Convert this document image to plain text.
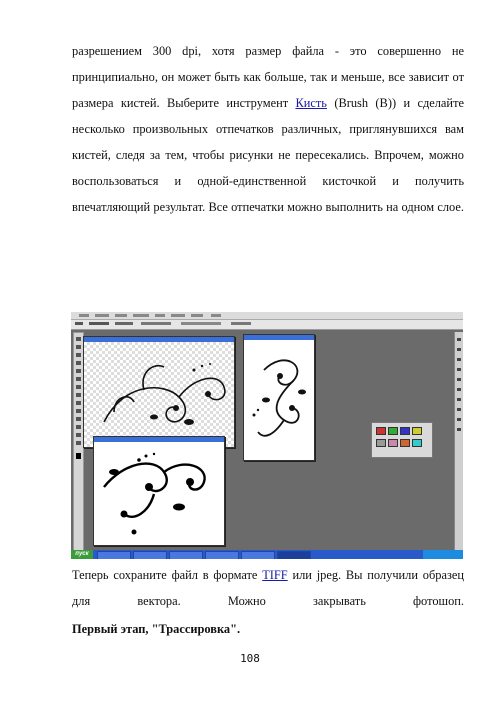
разрешением 300 dpi, хотя размер файла - это совершенно не принципиально, он может быть как больше, так и меньше, все зависит от размера кистей. Выберите инструмент Кисть (Brush (B)) и сделайте несколько произвольных отпечатков различных, приглянувшихся вам кистей, следя за тем, чтобы рисунки не пересекались. Впрочем, можно воспользоваться и одной-единственной кисточкой и получить впечатляющий результат. Все отпечатки можно выполнить на одном слое.
пуск
Теперь сохраните файл в формате TIFF или jpeg. Вы получили образец для вектора. Можно закрывать фотошоп.
Первый этап, "Трассировка".
108
